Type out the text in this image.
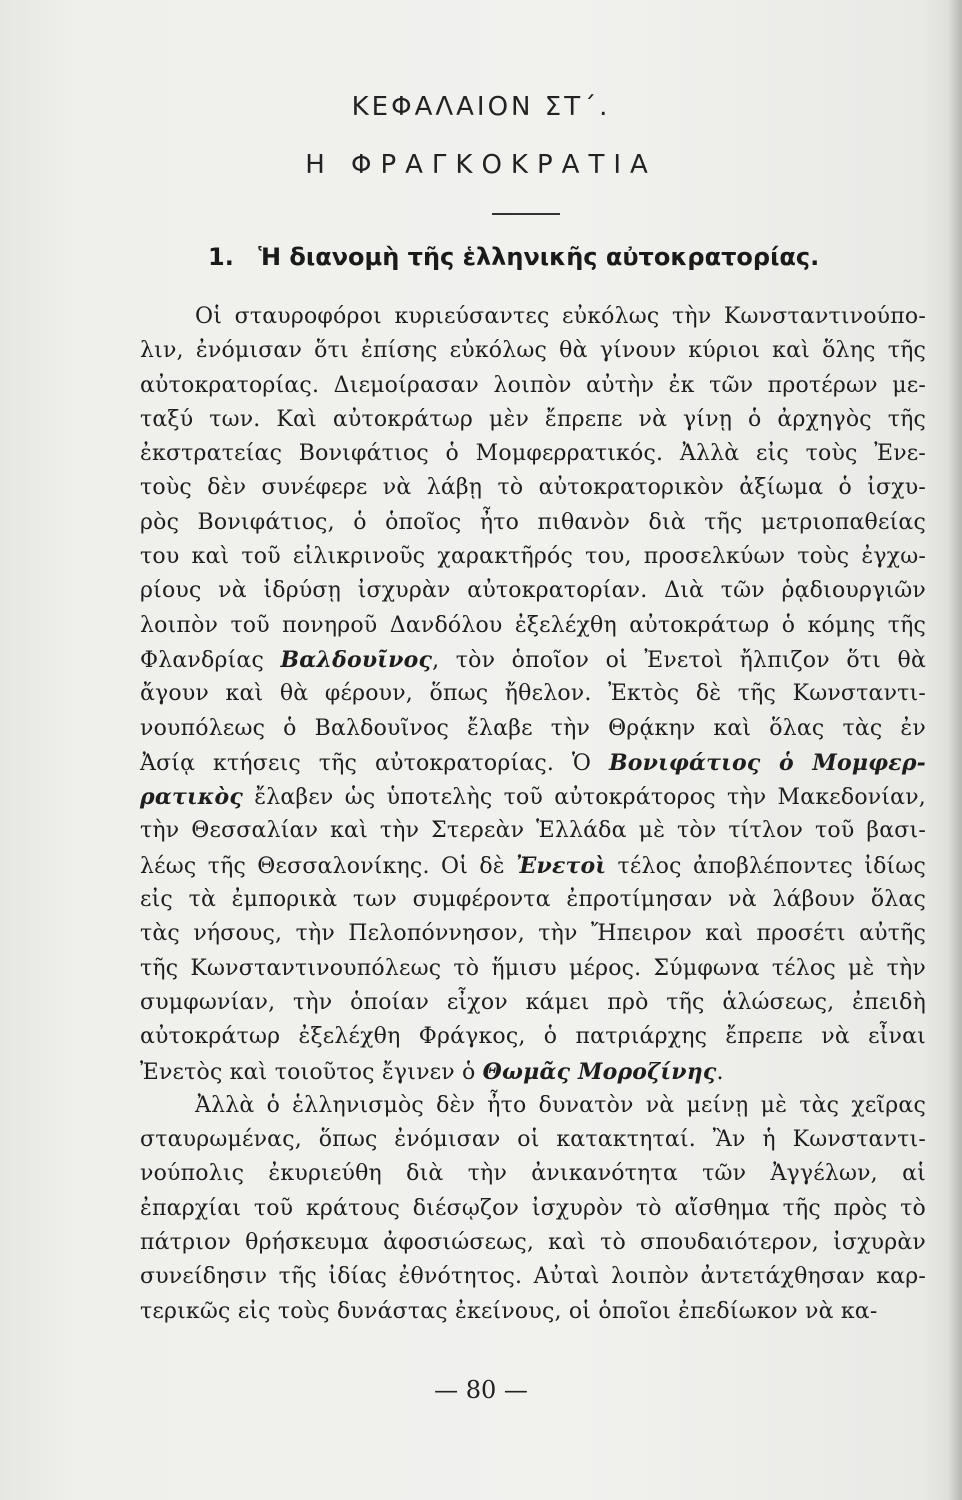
ΚΕΦΑΛΑΙΟΝ ΣΤ΄.
Η ΦΡΑΓΚΟΚΡΑΤΙΑ
1. Ἡ διανομὴ τῆς ἑλληνικῆς αὐτοκρατορίας.
Οἱ σταυροφόροι κυριεύσαντες εὐκόλως τὴν Κωνσταντινούπο-
λιν, ἐνόμισαν ὅτι ἐπίσης εὐκόλως θὰ γίνουν κύριοι καὶ ὅλης τῆς
αὐτοκρατορίας. Διεμοίρασαν λοιπὸν αὐτὴν ἐκ τῶν προτέρων με-
ταξύ των. Καὶ αὐτοκράτωρ μὲν ἔπρεπε νὰ γίνῃ ὁ ἀρχηγὸς τῆς
ἐκστρατείας Βονιφάτιος ὁ Μομφερρατικός. Ἀλλὰ εἰς τοὺς Ἐνε-
τοὺς δὲν συνέφερε νὰ λάβῃ τὸ αὐτοκρατορικὸν ἀξίωμα ὁ ἰσχυ-
ρὸς Βονιφάτιος, ὁ ὁποῖος ἦτο πιθανὸν διὰ τῆς μετριοπαθείας
του καὶ τοῦ εἰλικρινοῦς χαρακτῆρός του, προσελκύων τοὺς ἐγχω-
ρίους νὰ ἱδρύσῃ ἰσχυρὰν αὐτοκρατορίαν. Διὰ τῶν ῥᾳδιουργιῶν
λοιπὸν τοῦ πονηροῦ Δανδόλου ἐξελέχθη αὐτοκράτωρ ὁ κόμης τῆς
Φλανδρίας Βαλδουῖνος, τὸν ὁποῖον οἱ Ἐνετοὶ ἤλπιζον ὅτι θὰ
ἄγουν καὶ θὰ φέρουν, ὅπως ἤθελον. Ἐκτὸς δὲ τῆς Κωνσταντι-
νουπόλεως ὁ Βαλδουῖνος ἔλαβε τὴν Θρᾴκην καὶ ὅλας τὰς ἐν
Ἀσίᾳ κτήσεις τῆς αὐτοκρατορίας. Ὁ Βονιφάτιος ὁ Μομφερ-
ρατικὸς ἔλαβεν ὡς ὑποτελὴς τοῦ αὐτοκράτορος τὴν Μακεδονίαν,
τὴν Θεσσαλίαν καὶ τὴν Στερεὰν Ἑλλάδα μὲ τὸν τίτλον τοῦ βασι-
λέως τῆς Θεσσαλονίκης. Οἱ δὲ Ἐνετοὶ τέλος ἀποβλέποντες ἰδίως
εἰς τὰ ἐμπορικὰ των συμφέροντα ἐπροτίμησαν νὰ λάβουν ὅλας
τὰς νήσους, τὴν Πελοπόννησον, τὴν Ἤπειρον καὶ προσέτι αὐτῆς
τῆς Κωνσταντινουπόλεως τὸ ἥμισυ μέρος. Σύμφωνα τέλος μὲ τὴν
συμφωνίαν, τὴν ὁποίαν εἶχον κάμει πρὸ τῆς ἁλώσεως, ἐπειδὴ
αὐτοκράτωρ ἐξελέχθη Φράγκος, ὁ πατριάρχης ἔπρεπε νὰ εἶναι
Ἐνετὸς καὶ τοιοῦτος ἔγινεν ὁ Θωμᾶς Μοροζίνης.
Ἀλλὰ ὁ ἑλληνισμὸς δὲν ἦτο δυνατὸν νὰ μείνῃ μὲ τὰς χεῖρας
σταυρωμένας, ὅπως ἐνόμισαν οἱ κατακτηταί. Ἂν ἡ Κωνσταντι-
νούπολις ἐκυριεύθη διὰ τὴν ἀνικανότητα τῶν Ἀγγέλων, αἱ
ἐπαρχίαι τοῦ κράτους διέσῳζον ἰσχυρὸν τὸ αἴσθημα τῆς πρὸς τὸ
πάτριον θρήσκευμα ἀφοσιώσεως, καὶ τὸ σπουδαιότερον, ἰσχυρὰν
συνείδησιν τῆς ἰδίας ἐθνότητος. Αὐταὶ λοιπὸν ἀντετάχθησαν καρ-
τερικῶς εἰς τοὺς δυνάστας ἐκείνους, οἱ ὁποῖοι ἐπεδίωκον νὰ κα-
— 80 —
